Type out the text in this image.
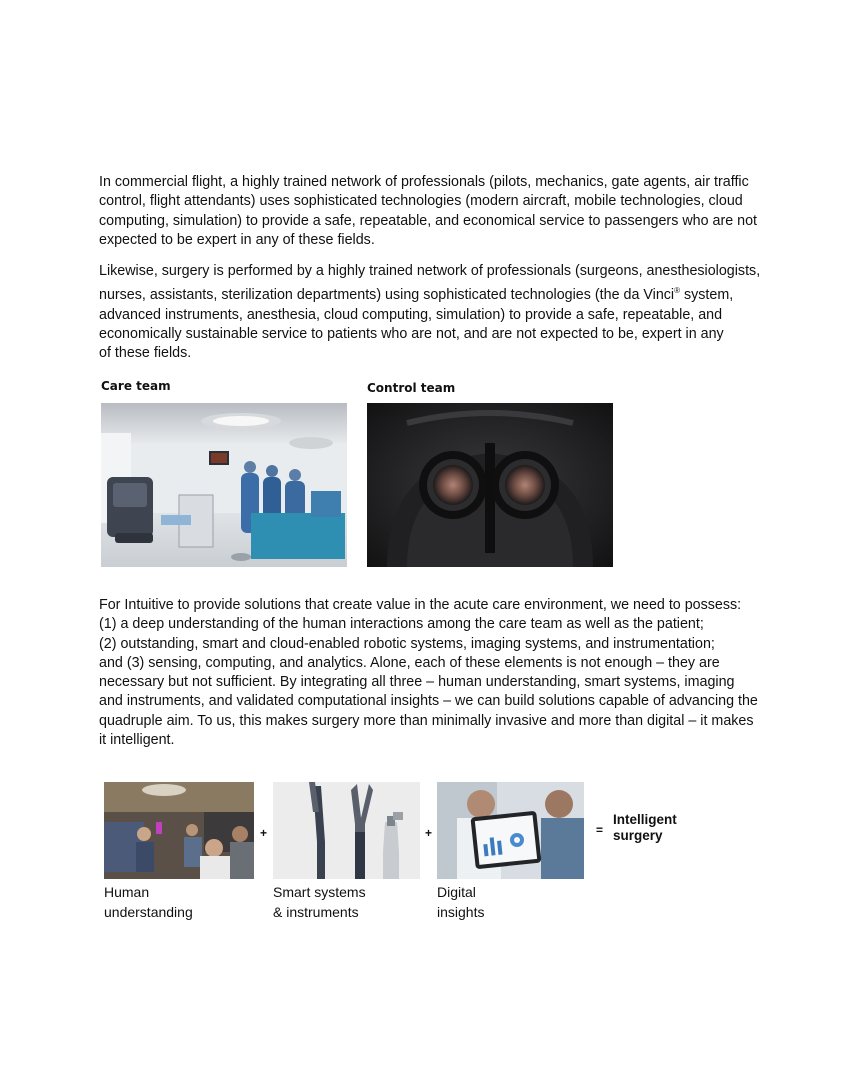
In commercial flight, a highly trained network of professionals (pilots, mechanics, gate agents, air traffic
control, flight attendants) uses sophisticated technologies (modern aircraft, mobile technologies, cloud
computing, simulation) to provide a safe, repeatable, and economical service to passengers who are not
expected to be expert in any of these fields.

Likewise, surgery is performed by a highly trained network of professionals (surgeons, anesthesiologists,
nurses, assistants, sterilization departments) using sophisticated technologies (the da Vinci® system,
advanced instruments, anesthesia, cloud computing, simulation) to provide a safe, repeatable, and
economically sustainable service to patients who are not, and are not expected to be, expert in any
of these fields.

Care team	Control team

For Intuitive to provide solutions that create value in the acute care environment, we need to possess:
(1) a deep understanding of the human interactions among the care team as well as the patient;
(2) outstanding, smart and cloud-enabled robotic systems, imaging systems, and instrumentation;
and (3) sensing, computing, and analytics. Alone, each of these elements is not enough – they are
necessary but not sufficient. By integrating all three – human understanding, smart systems, imaging
and instruments, and validated computational insights – we can build solutions capable of advancing the
quadruple aim. To us, this makes surgery more than minimally invasive and more than digital – it makes
it intelligent.

+	+	=
Intelligent
surgery
Human
understanding
Smart systems
& instruments
Digital
insights
